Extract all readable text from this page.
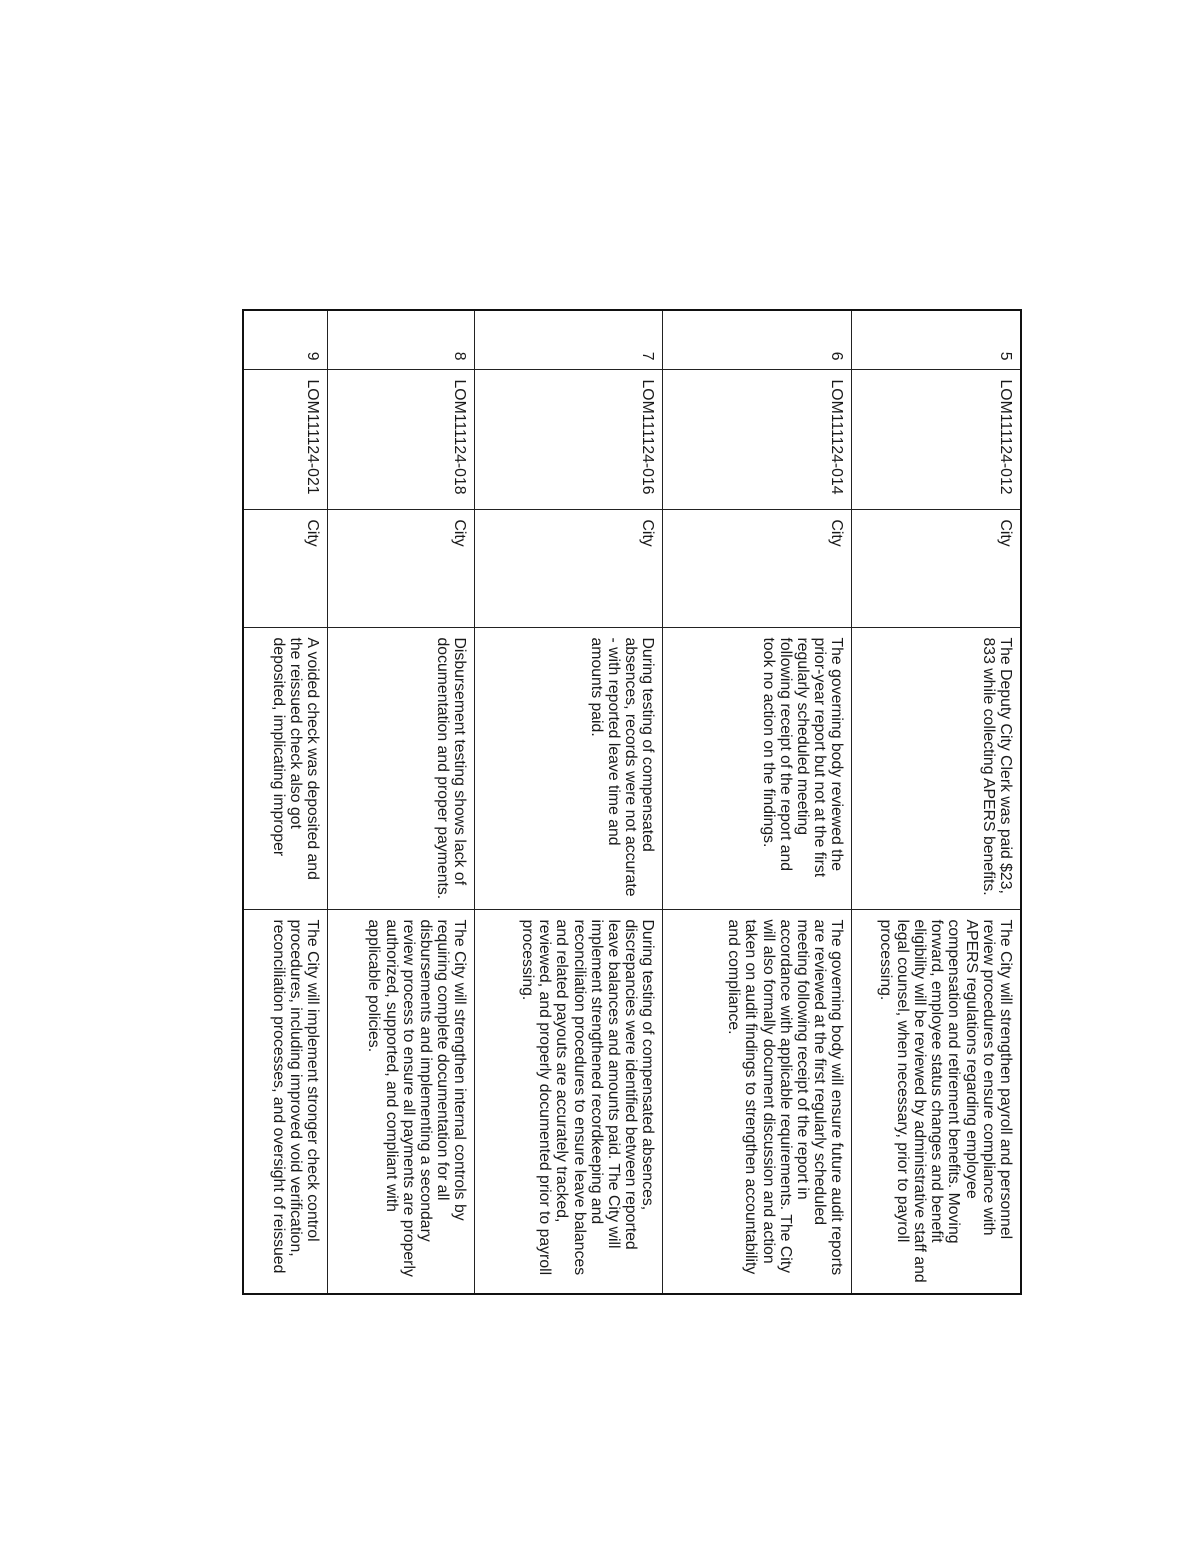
5	LOM111124-012	City	The Deputy City Clerk was paid $23, 833 while collecting APERS benefits.	The City will strengthen payroll and personnel review procedures to ensure compliance with APERS regulations regarding employee compensation and retirement benefits. Moving forward, employee status changes and benefit eligibility will be reviewed by administrative staff and legal counsel, when necessary, prior to payroll processing.
6	LOM111124-014	City	The governing body reviewed the prior-year report but not at the first regularly scheduled meeting following receipt of the report and took no action on the findings.	The governing body will ensure future audit reports are reviewed at the first regularly scheduled meeting following receipt of the report in accordance with applicable requirements. The City will also formally document discussion and action taken on audit findings to strengthen accountability and compliance.
7	LOM111124-016	City	During testing of compensated absences, records were not accurate - with reported leave time and amounts paid.	During testing of compensated absences, discrepancies were identified between reported leave balances and amounts paid. The City will implement strengthened recordkeeping and reconciliation procedures to ensure leave balances and related payouts are accurately tracked, reviewed, and properly documented prior to payroll processing.
8	LOM111124-018	City	Disbursement testing shows lack of documentation and proper payments.	The City will strengthen internal controls by requiring complete documentation for all disbursements and implementing a secondary review process to ensure all payments are properly authorized, supported, and compliant with applicable policies.
9	LOM111124-021	City	A voided check was deposited and the reissued check also got deposited, implicating improper	The City will implement stronger check control procedures, including improved void verification, reconciliation processes, and oversight of reissued
